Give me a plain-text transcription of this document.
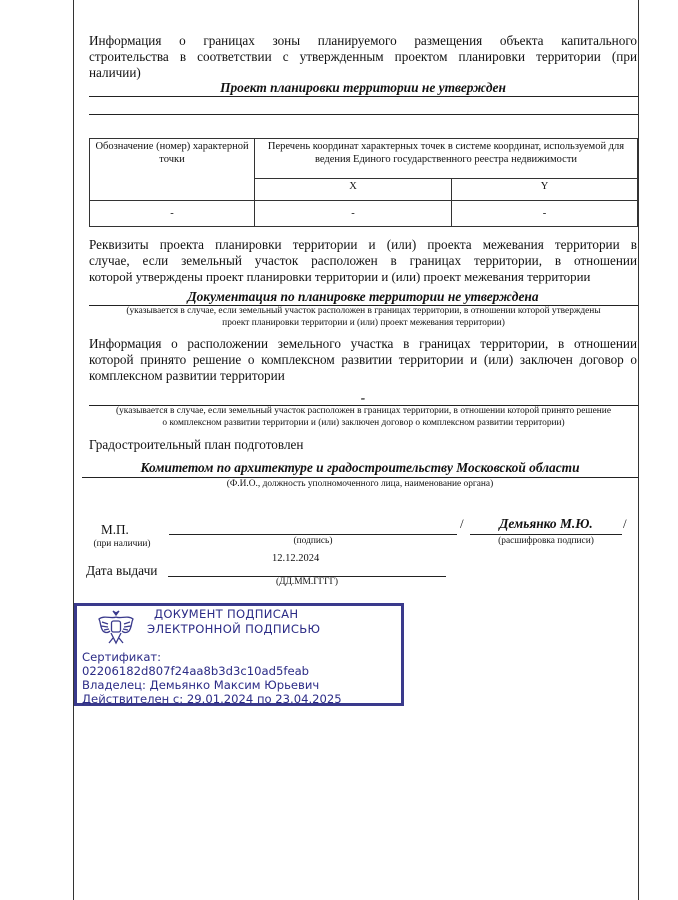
Информация о границах зоны планируемого размещения объекта капитального
строительства в соответствии с утвержденным проектом планировки территории (при
наличии)
Проект планировки территории не утвержден
Обозначение (номер) характерной точки	Перечень координат характерных точек в системе координат, используемой для ведения Единого государственного реестра недвижимости	
	X	Y
-	-	-
Реквизиты проекта планировки территории и (или) проекта межевания территории в
случае, если земельный участок расположен в границах территории, в отношении
которой утверждены проект планировки территории и (или) проект межевания территории
Документация по планировке территории не утверждена
(указывается в случае, если земельный участок расположен в границах территории, в отношении которой утверждены
проект планировки территории и (или) проект межевания территории)
Информация о расположении земельного участка в границах территории, в отношении
которой принято решение о комплексном развитии территории и (или) заключен договор о
комплексном развитии территории
-
(указывается в случае, если земельный участок расположен в границах территории, в отношении которой принято решение
о комплексном развитии территории и (или) заключен договор о комплексном развитии территории)
Градостроительный план подготовлен
Комитетом по архитектуре и градостроительству Московской области
(Ф.И.О., должность уполномоченного лица, наименование органа)
М.П.
(при наличии)	(подпись)
/	Демьянко М.Ю.	/
(расшифровка подписи)
Дата выдачи
12.12.2024
(ДД.ММ.ГГГГ)
ДОКУМЕНТ ПОДПИСАН
ЭЛЕКТРОННОЙ ПОДПИСЬЮ
Сертификат:
02206182d807f24aa8b3d3c10ad5feab
Владелец: Демьянко Максим Юрьевич
Действителен с: 29.01.2024 по 23.04.2025
